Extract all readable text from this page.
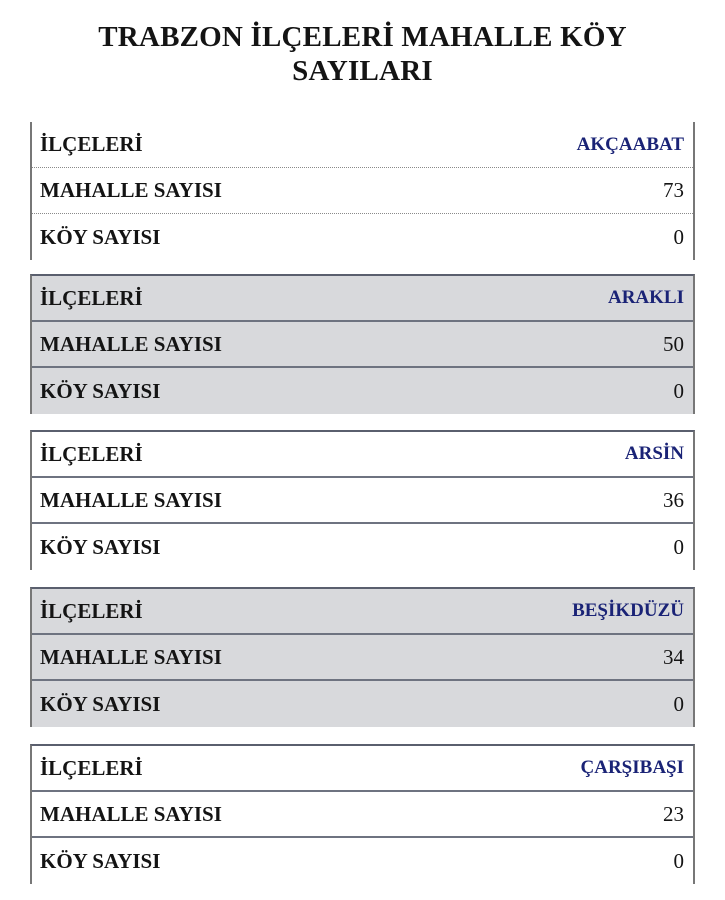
TRABZON İLÇELERİ MAHALLE KÖY
SAYILARI
İLÇELERİ	AKÇAABAT
MAHALLE SAYISI	73
KÖY SAYISI	0
İLÇELERİ	ARAKLI
MAHALLE SAYISI	50
KÖY SAYISI	0
İLÇELERİ	ARSİN
MAHALLE SAYISI	36
KÖY SAYISI	0
İLÇELERİ	BEŞİKDÜZÜ
MAHALLE SAYISI	34
KÖY SAYISI	0
İLÇELERİ	ÇARŞIBAŞI
MAHALLE SAYISI	23
KÖY SAYISI	0
